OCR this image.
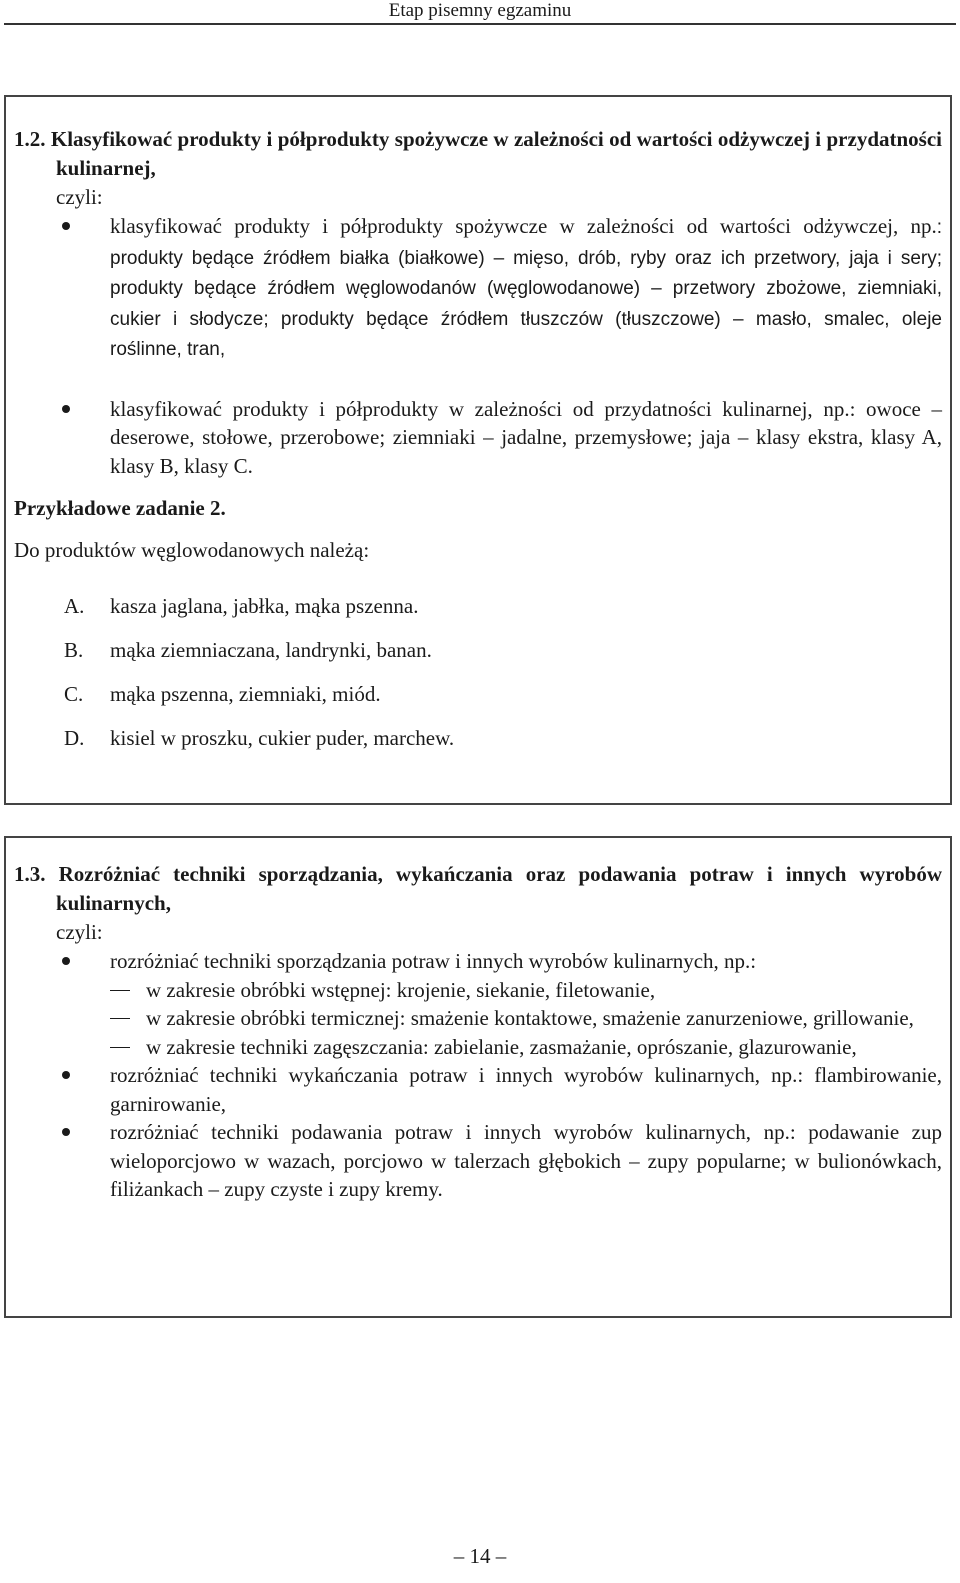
Etap pisemny egzaminu

1.2. Klasyfikować produkty i półprodukty spożywcze w zależności od wartości odżywczej i przydatności kulinarnej,

czyli:

klasyfikować produkty i półprodukty spożywcze w zależności od wartości odżywczej, np.: produkty będące źródłem białka (białkowe) – mięso, drób, ryby oraz ich przetwory, jaja i sery; produkty będące źródłem węglowodanów (węglowodanowe) – przetwory zbożowe, ziemniaki, cukier i słodycze; produkty będące źródłem tłuszczów (tłuszczowe) – masło, smalec, oleje roślinne, tran,
klasyfikować produkty i półprodukty w zależności od przydatności kulinarnej, np.: owoce – deserowe, stołowe, przerobowe; ziemniaki – jadalne, przemysłowe; jaja – klasy ekstra, klasy A, klasy B, klasy C.

Przykładowe zadanie 2.

Do produktów węglowodanowych należą:

A. kasza jaglana, jabłka, mąka pszenna.
B. mąka ziemniaczana, landrynki, banan.
C. mąka pszenna, ziemniaki, miód.
D. kisiel w proszku, cukier puder, marchew.

1.3. Rozróżniać techniki sporządzania, wykańczania oraz podawania potraw i innych wyrobów kulinarnych,

czyli:

rozróżniać techniki sporządzania potraw i innych wyrobów kulinarnych, np.:
w zakresie obróbki wstępnej: krojenie, siekanie, filetowanie,
w zakresie obróbki termicznej: smażenie kontaktowe, smażenie zanurzeniowe, grillowanie,
w zakresie techniki zagęszczania: zabielanie, zasmażanie, oprószanie, glazurowanie,
rozróżniać techniki wykańczania potraw i innych wyrobów kulinarnych, np.: flambirowanie, garnirowanie,
rozróżniać techniki podawania potraw i innych wyrobów kulinarnych, np.: podawanie zup wieloporcjowo w wazach, porcjowo w talerzach głębokich – zupy popularne; w bulionówkach, filiżankach – zupy czyste i zupy kremy.
– 14 –
